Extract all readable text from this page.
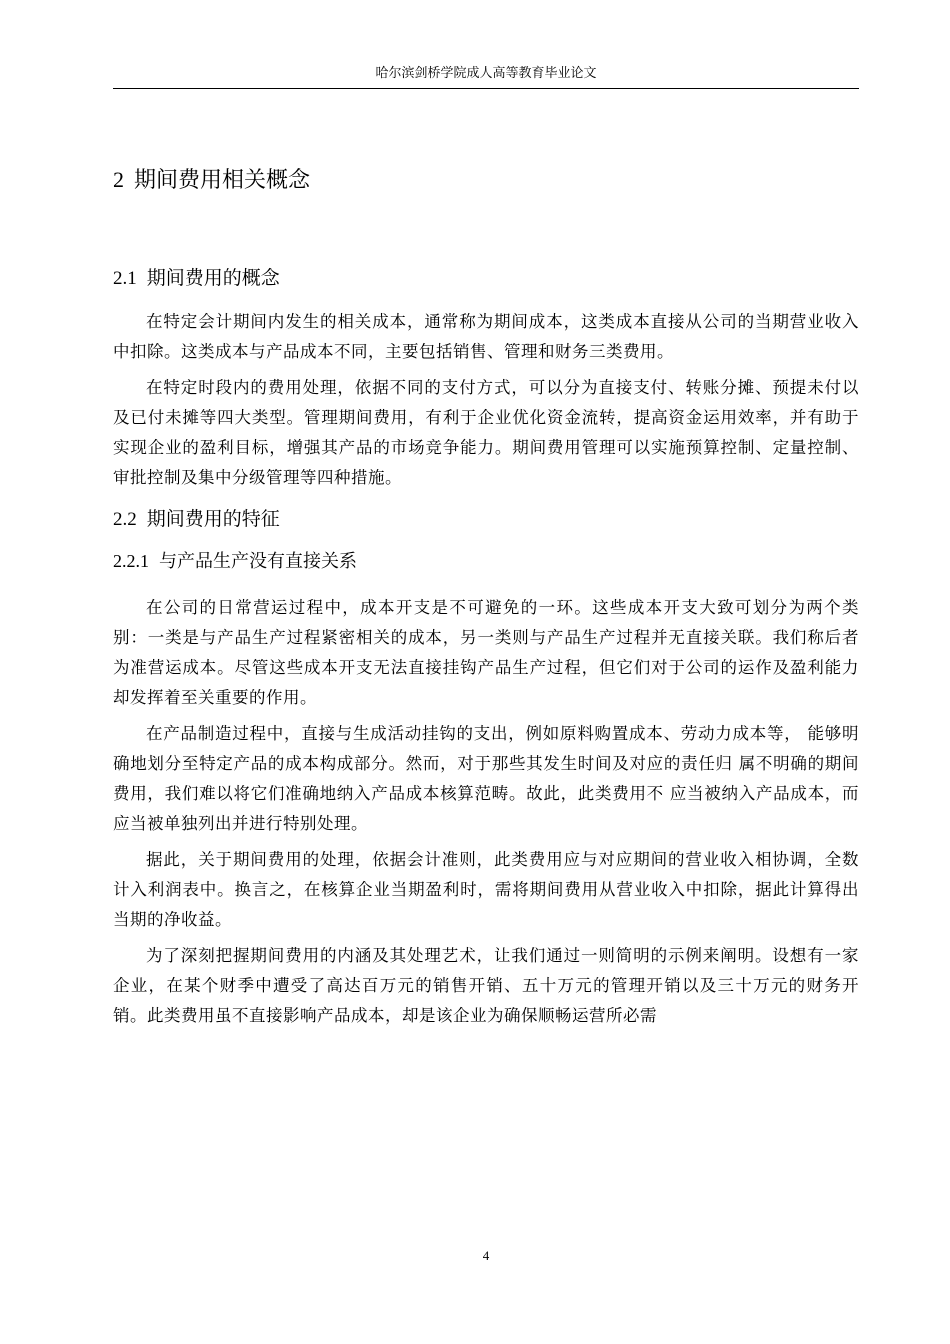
哈尔滨剑桥学院成人高等教育毕业论文
2 期间费用相关概念
2.1 期间费用的概念

在特定会计期间内发生的相关成本，通常称为期间成本，这类成本直接从公司的当期营业收入中扣除。这类成本与产品成本不同，主要包括销售、管理和财务三类费用。

在特定时段内的费用处理，依据不同的支付方式，可以分为直接支付、转账分摊、预提未付以及已付未摊等四大类型。管理期间费用，有利于企业优化资金流转，提高资金运用效率，并有助于实现企业的盈利目标，增强其产品的市场竞争能力。期间费用管理可以实施预算控制、定量控制、审批控制及集中分级管理等四种措施。

2.2 期间费用的特征
2.2.1 与产品生产没有直接关系

在公司的日常营运过程中，成本开支是不可避免的一环。这些成本开支大致可划分为两个类别：一类是与产品生产过程紧密相关的成本，另一类则与产品生产过程并无直接关联。我们称后者为准营运成本。尽管这些成本开支无法直接挂钩产品生产过程，但它们对于公司的运作及盈利能力却发挥着至关重要的作用。

在产品制造过程中，直接与生成活动挂钩的支出，例如原料购置成本、劳动力成本等， 能够明确地划分至特定产品的成本构成部分。然而，对于那些其发生时间及对应的责任归 属不明确的期间费用，我们难以将它们准确地纳入产品成本核算范畴。故此，此类费用不 应当被纳入产品成本，而应当被单独列出并进行特别处理。

据此，关于期间费用的处理，依据会计准则，此类费用应与对应期间的营业收入相协调，全数计入利润表中。换言之，在核算企业当期盈利时，需将期间费用从营业收入中扣除，据此计算得出当期的净收益。

为了深刻把握期间费用的内涵及其处理艺术，让我们通过一则简明的示例来阐明。设想有一家企业，在某个财季中遭受了高达百万元的销售开销、五十万元的管理开销以及三十万元的财务开销。此类费用虽不直接影响产品成本，却是该企业为确保顺畅运营所必需

4
